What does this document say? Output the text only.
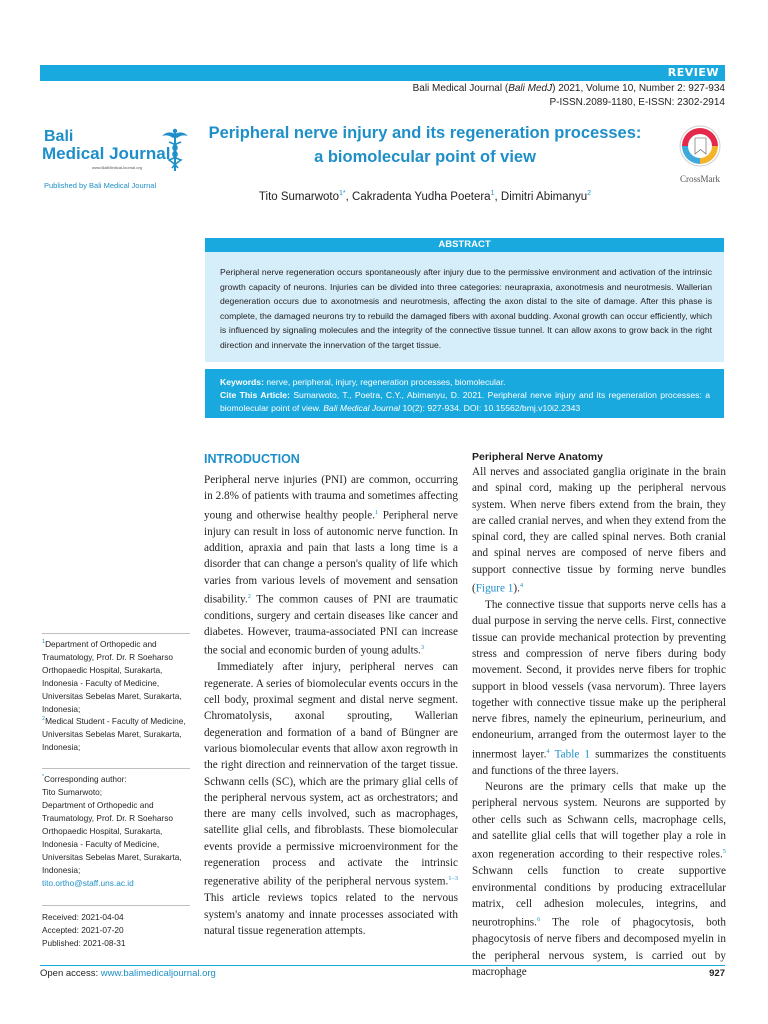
REVIEW
Bali Medical Journal (Bali MedJ) 2021, Volume 10, Number 2: 927-934
P-ISSN.2089-1180, E-ISSN: 2302-2914
Bali
Medical Journal
www.BaliMedicalJournal.org
Published by Bali Medical Journal
Peripheral nerve injury and its regeneration processes:
a biomolecular point of view
CrossMark
Tito Sumarwoto$^{1*}$, Cakradenta Yudha Poetera$^1$, Dimitri Abimanyu$^2$
ABSTRACT
Peripheral nerve regeneration occurs spontaneously after injury due to the permissive environment and activation of the intrinsic growth capacity of neurons. Injuries can be divided into three categories: neurapraxia, axonotmesis and neurotmesis. Wallerian degeneration occurs due to axonotmesis and neurotmesis, affecting the axon distal to the site of damage. After this phase is complete, the damaged neurons try to rebuild the damaged fibers with axonal budding. Axonal growth can occur efficiently, which is influenced by signaling molecules and the integrity of the connective tissue tunnel. It can allow axons to grow back in the right direction and innervate the innervation of the target tissue.
Keywords: nerve, peripheral, injury, regeneration processes, biomolecular.
Cite This Article: Sumarwoto, T., Poetra, C.Y., Abimanyu, D. 2021. Peripheral nerve injury and its regeneration processes: a biomolecular point of view. Bali Medical Journal 10(2): 927-934. DOI: 10.15562/bmj.v10i2.2343
$^1$Department of Orthopedic and Traumatology, Prof. Dr. R Soeharso Orthopaedic Hospital, Surakarta, Indonesia - Faculty of Medicine, Universitas Sebelas Maret, Surakarta, Indonesia;
$^2$Medical Student - Faculty of Medicine, Universitas Sebelas Maret, Surakarta, Indonesia;
*Corresponding author:
Tito Sumarwoto;
Department of Orthopedic and Traumatology, Prof. Dr. R Soeharso Orthopaedic Hospital, Surakarta, Indonesia - Faculty of Medicine, Universitas Sebelas Maret, Surakarta, Indonesia;
tito.ortho@staff.uns.ac.id
Received: 2021-04-04
Accepted: 2021-07-20
Published: 2021-08-31
INTRODUCTION

Peripheral nerve injuries (PNI) are common, occurring in 2.8% of patients with trauma and sometimes affecting young and otherwise healthy people.$^1$ Peripheral nerve injury can result in loss of autonomic nerve function. In addition, apraxia and pain that lasts a long time is a disorder that can change a person's quality of life which varies from various levels of movement and sensation disability.$^2$ The common causes of PNI are traumatic conditions, surgery and certain diseases like cancer and diabetes. However, trauma-associated PNI can increase the social and economic burden of young adults.$^3$

Immediately after injury, peripheral nerves can regenerate. A series of biomolecular events occurs in the cell body, proximal segment and distal nerve segment. Chromatolysis, axonal sprouting, Wallerian degeneration and formation of a band of Büngner are various biomolecular events that allow axon regrowth in the right direction and reinnervation of the target tissue. Schwann cells (SC), which are the primary glial cells of the peripheral nervous system, act as orchestrators; and there are many cells involved, such as macrophages, satellite glial cells, and fibroblasts. These biomolecular events provide a permissive microenvironment for the regeneration process and activate the intrinsic regenerative ability of the peripheral nervous system.$^{1-3}$ This article reviews topics related to the nervous system's anatomy and innate processes associated with natural tissue regeneration attempts.

Peripheral Nerve Anatomy

All nerves and associated ganglia originate in the brain and spinal cord, making up the peripheral nervous system. When nerve fibers extend from the brain, they are called cranial nerves, and when they extend from the spinal cord, they are called spinal nerves. Both cranial and spinal nerves are composed of nerve fibers and support connective tissue by forming nerve bundles (Figure 1).$^4$

The connective tissue that supports nerve cells has a dual purpose in serving the nerve cells. First, connective tissue can provide mechanical protection by preventing stress and compression of nerve fibers during body movement. Second, it provides nerve fibers for trophic support in blood vessels (vasa nervorum). Three layers together with connective tissue make up the peripheral nerve fibres, namely the epineurium, perineurium, and endoneurium, arranged from the outermost layer to the innermost layer.$^4$ Table 1 summarizes the constituents and functions of the three layers.

Neurons are the primary cells that make up the peripheral nervous system. Neurons are supported by other cells such as Schwann cells, macrophage cells, and satellite glial cells that will together play a role in axon regeneration according to their respective roles.$^5$ Schwann cells function to create supportive environmental conditions by producing extracellular matrix, cell adhesion molecules, integrins, and neurotrophins.$^6$ The role of phagocytosis, both phagocytosis of nerve fibers and decomposed myelin in the peripheral nervous system, is carried out by macrophage

Open access: www.balimedicaljournal.org	927
